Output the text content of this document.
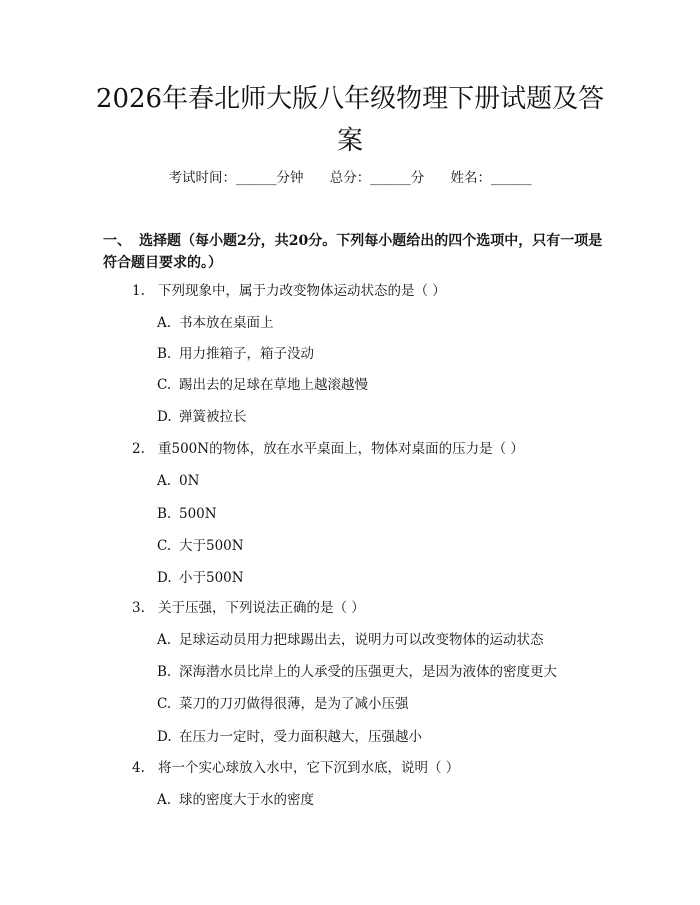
2026年春北师大版八年级物理下册试题及答案
考试时间：______分钟 总分：______分 姓名：______
一、 选择题（每小题2分，共20分。下列每小题给出的四个选项中，只有一项是符合题目要求的。）
1. 下列现象中，属于力改变物体运动状态的是（ ）
A. 书本放在桌面上
B. 用力推箱子，箱子没动
C. 踢出去的足球在草地上越滚越慢
D. 弹簧被拉长
2. 重500N的物体，放在水平桌面上，物体对桌面的压力是（ ）
A. 0N
B. 500N
C. 大于500N
D. 小于500N
3. 关于压强，下列说法正确的是（ ）
A. 足球运动员用力把球踢出去，说明力可以改变物体的运动状态
B. 深海潜水员比岸上的人承受的压强更大，是因为液体的密度更大
C. 菜刀的刀刃做得很薄，是为了减小压强
D. 在压力一定时，受力面积越大，压强越小
4. 将一个实心球放入水中，它下沉到水底，说明（ ）
A. 球的密度大于水的密度
